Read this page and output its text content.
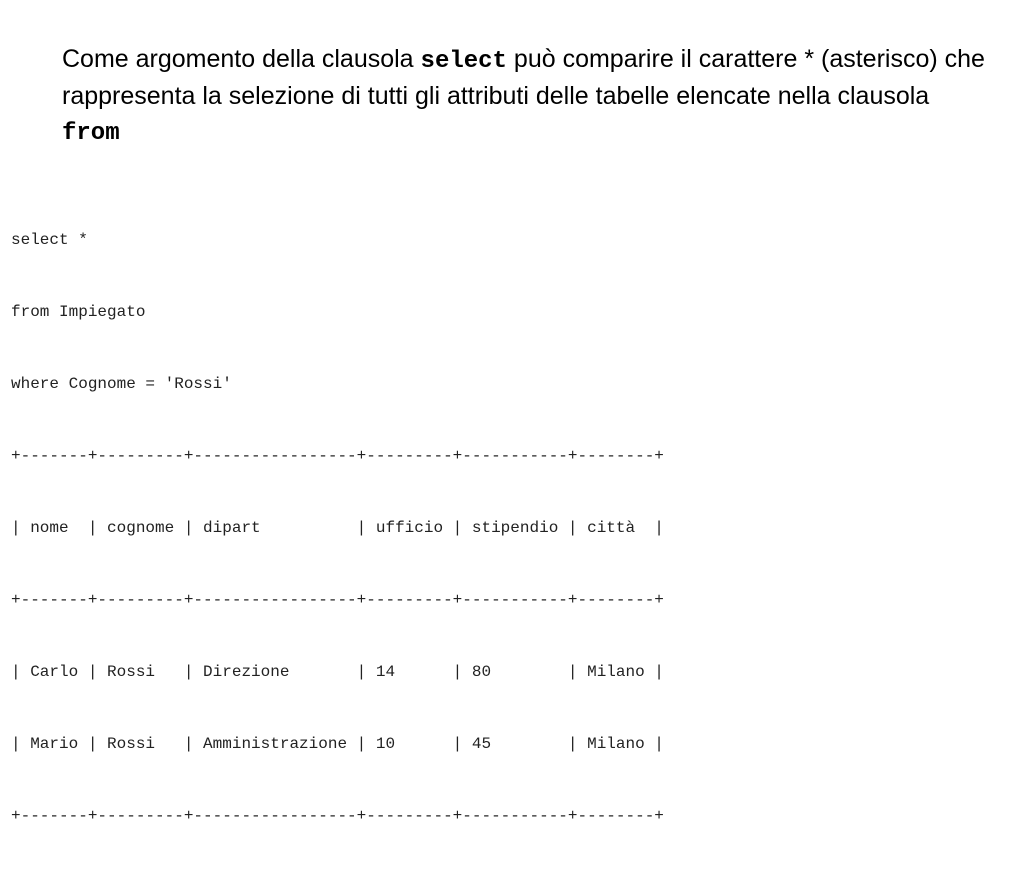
Come argomento della clausola select può comparire il carattere * (asterisco) che rappresenta la selezione di tutti gli attributi delle tabelle elencate nella clausola from

select *

from Impiegato

where Cognome = 'Rossi'

+-------+---------+-----------------+---------+-----------+--------+

| nome  | cognome | dipart          | ufficio | stipendio | città  |

+-------+---------+-----------------+---------+-----------+--------+

| Carlo | Rossi   | Direzione       | 14      | 80        | Milano |

| Mario | Rossi   | Amministrazione | 10      | 45        | Milano |

+-------+---------+-----------------+---------+-----------+--------+
